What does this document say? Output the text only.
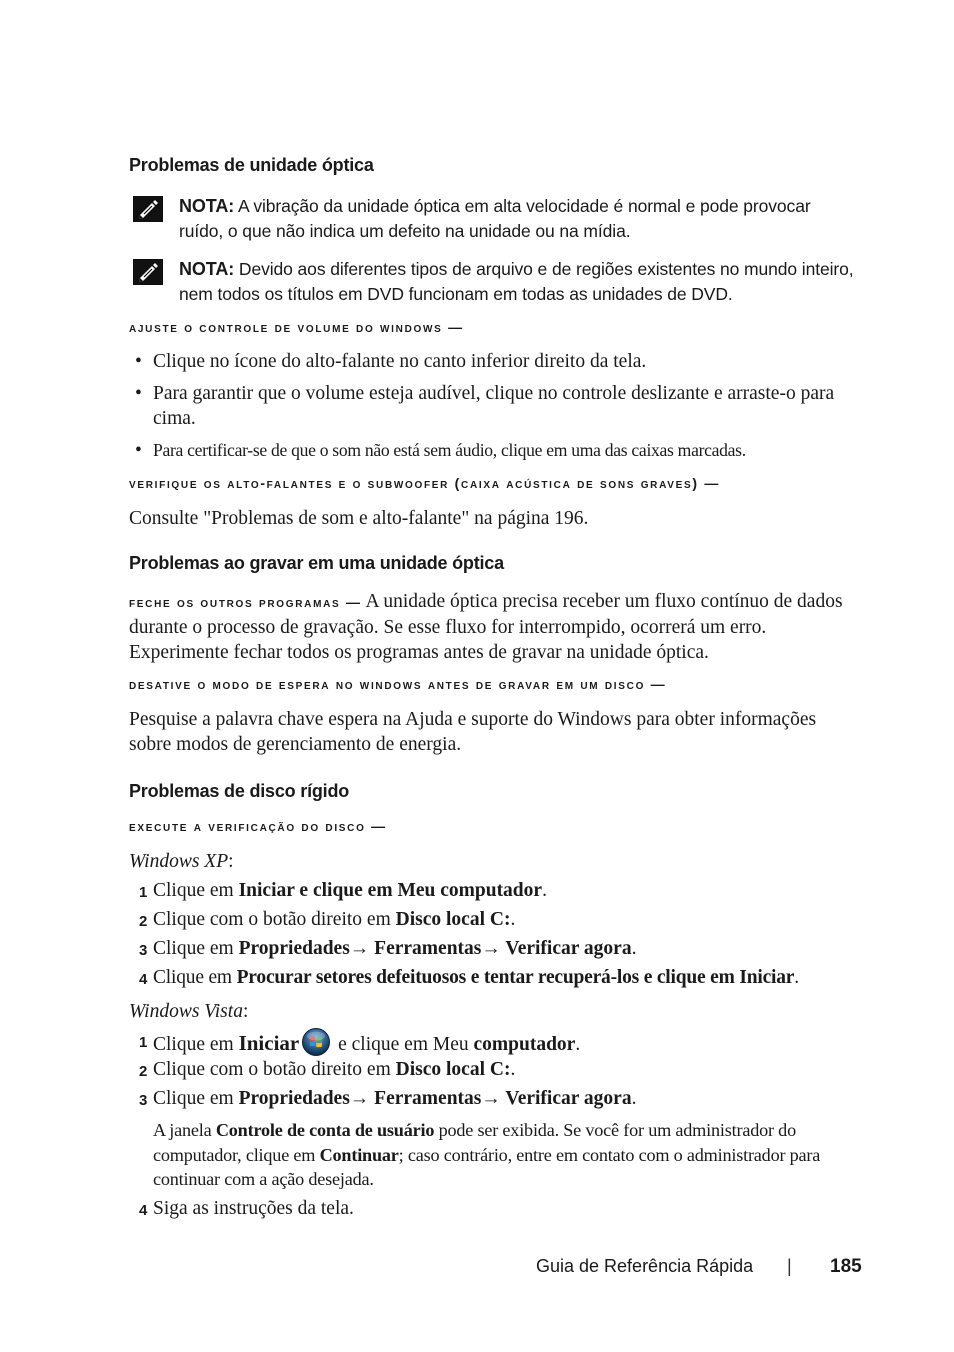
Problemas de unidade óptica
NOTA: A vibração da unidade óptica em alta velocidade é normal e pode provocar ruído, o que não indica um defeito na unidade ou na mídia.
NOTA: Devido aos diferentes tipos de arquivo e de regiões existentes no mundo inteiro, nem todos os títulos em DVD funcionam em todas as unidades de DVD.
ajuste o controle de volume do windows —
• Clique no ícone do alto-falante no canto inferior direito da tela.
• Para garantir que o volume esteja audível, clique no controle deslizante e arraste-o para cima.
• Para certificar-se de que o som não está sem áudio, clique em uma das caixas marcadas.
verifique os alto-falantes e o subwoofer (caixa acústica de sons graves) —
Consulte "Problemas de som e alto-falante" na página 196.
Problemas ao gravar em uma unidade óptica
feche os outros programas — A unidade óptica precisa receber um fluxo contínuo de dados durante o processo de gravação. Se esse fluxo for interrompido, ocorrerá um erro. Experimente fechar todos os programas antes de gravar na unidade óptica.
desative o modo de espera no windows antes de gravar em um disco —
Pesquise a palavra chave espera na Ajuda e suporte do Windows para obter informações sobre modos de gerenciamento de energia.
Problemas de disco rígido
execute a verificação do disco —
Windows XP:
1 Clique em Iniciar e clique em Meu computador.
2 Clique com o botão direito em Disco local C:.
3 Clique em Propriedades→ Ferramentas→ Verificar agora.
4 Clique em Procurar setores defeituosos e tentar recuperá-los e clique em Iniciar.
Windows Vista:
1 Clique em Iniciar e clique em Meu computador.
2 Clique com o botão direito em Disco local C:.
3 Clique em Propriedades→ Ferramentas→ Verificar agora.
A janela Controle de conta de usuário pode ser exibida. Se você for um administrador do computador, clique em Continuar; caso contrário, entre em contato com o administrador para continuar com a ação desejada.
4 Siga as instruções da tela.
Guia de Referência Rápida | 185
